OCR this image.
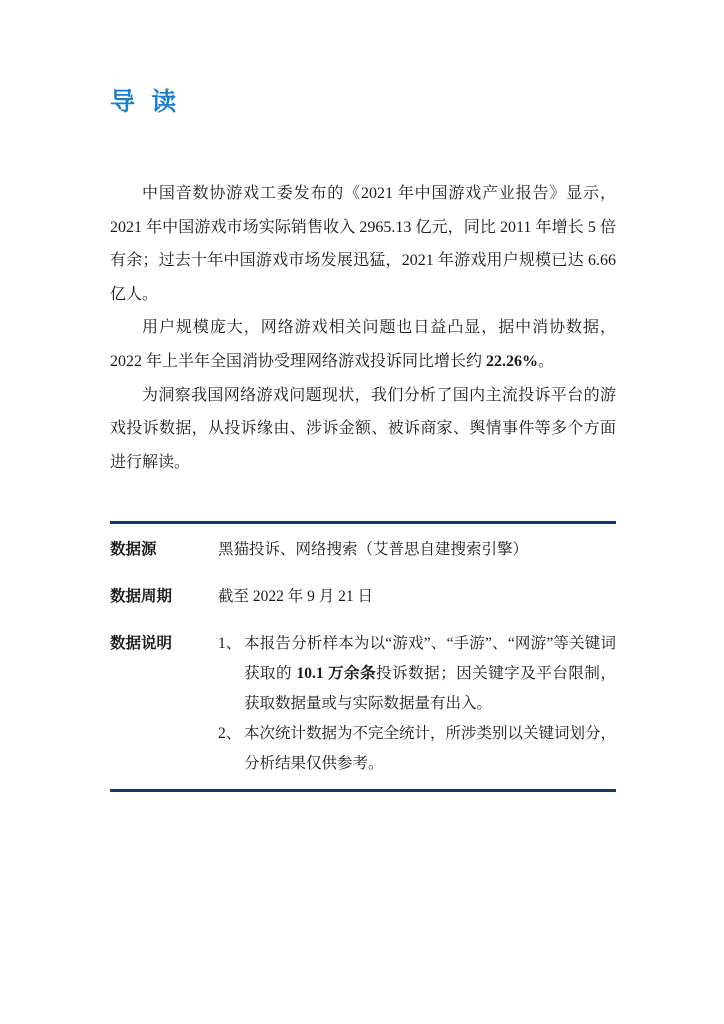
导 读

中国音数协游戏工委发布的《2021 年中国游戏产业报告》显示，2021 年中国游戏市场实际销售收入 2965.13 亿元，同比 2011 年增长 5 倍有余；过去十年中国游戏市场发展迅猛，2021 年游戏用户规模已达 6.66 亿人。

用户规模庞大，网络游戏相关问题也日益凸显，据中消协数据，2022 年上半年全国消协受理网络游戏投诉同比增长约 22.26%。

为洞察我国网络游戏问题现状，我们分析了国内主流投诉平台的游戏投诉数据，从投诉缘由、涉诉金额、被诉商家、舆情事件等多个方面进行解读。

数据源	黑猫投诉、网络搜索（艾普思自建搜索引擎）
数据周期	截至 2022 年 9 月 21 日
数据说明	1、 本报告分析样本为以“游戏”、“手游”、“网游”等关键词获取的 10.1 万余条投诉数据；因关键字及平台限制，获取数据量或与实际数据量有出入。
2、 本次统计数据为不完全统计，所涉类别以关键词划分，分析结果仅供参考。
